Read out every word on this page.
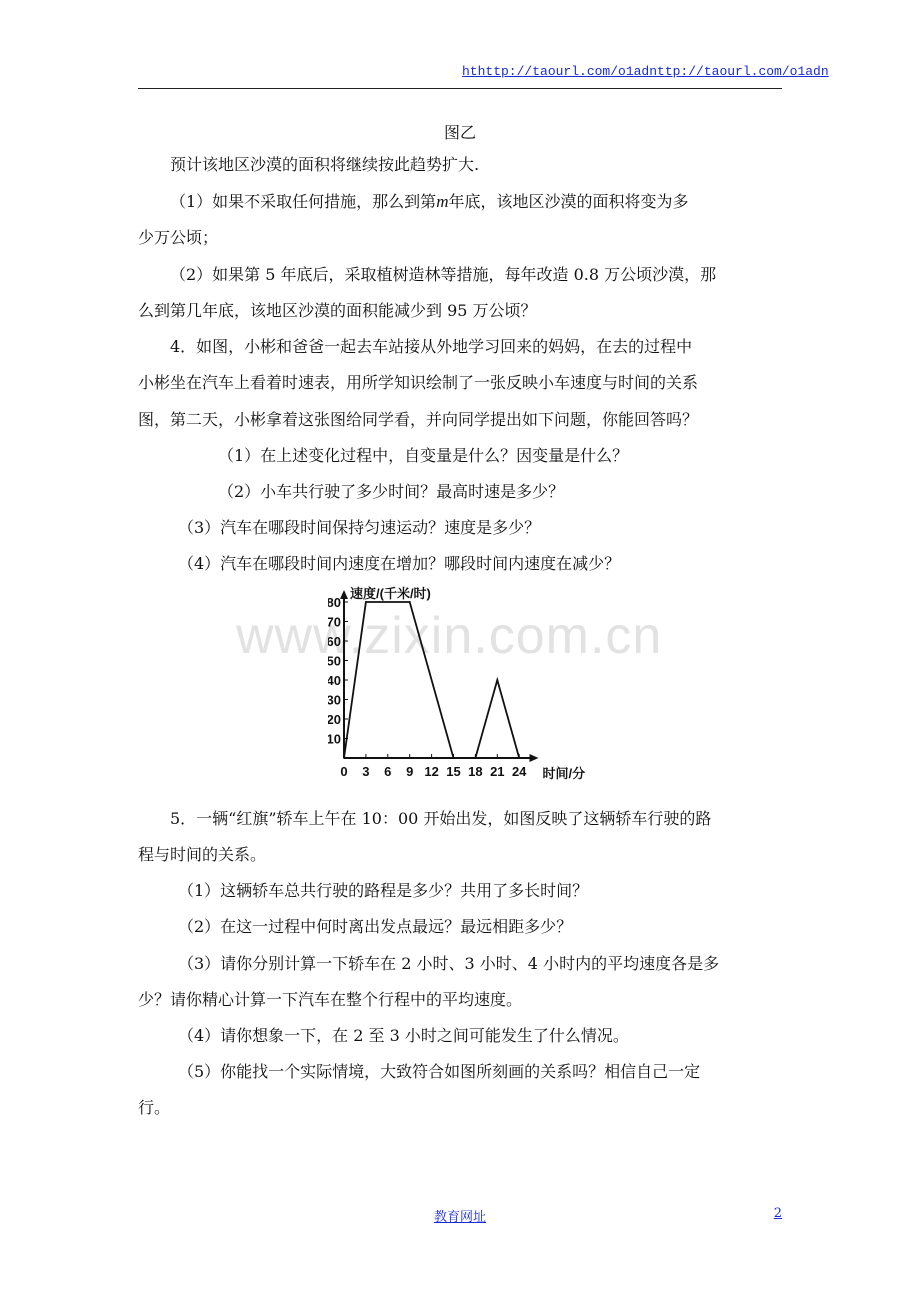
hthttp://taourl.com/o1adnttp://taourl.com/o1adn
图乙
预计该地区沙漠的面积将继续按此趋势扩大.
（1）如果不采取任何措施，那么到第m年底，该地区沙漠的面积将变为多
少万公顷；
（2）如果第 5 年底后，采取植树造林等措施，每年改造 0.8 万公顷沙漠，那
么到第几年底，该地区沙漠的面积能减少到 95 万公顷？
4．如图，小彬和爸爸一起去车站接从外地学习回来的妈妈，在去的过程中
小彬坐在汽车上看着时速表，用所学知识绘制了一张反映小车速度与时间的关系
图，第二天，小彬拿着这张图给同学看，并向同学提出如下问题，你能回答吗？
（1）在上述变化过程中，自变量是什么？因变量是什么？
（2）小车共行驶了多少时间？最高时速是多少？
（3）汽车在哪段时间保持匀速运动？速度是多少？
（4）汽车在哪段时间内速度在增加？哪段时间内速度在减少？
www.zixin.com.cn
10
20
30
40
50
60
70
80
0 3 6 9 12 15 18 21 24
速度/(千米/时)
时间/分
5．一辆“红旗”轿车上午在 10：00 开始出发，如图反映了这辆轿车行驶的路
程与时间的关系。
（1）这辆轿车总共行驶的路程是多少？共用了多长时间？
（2）在这一过程中何时离出发点最远？最远相距多少？
（3）请你分别计算一下轿车在 2 小时、3 小时、4 小时内的平均速度各是多
少？请你精心计算一下汽车在整个行程中的平均速度。
（4）请你想象一下，在 2 至 3 小时之间可能发生了什么情况。
（5）你能找一个实际情境，大致符合如图所刻画的关系吗？相信自己一定
行。
教育网址	2
